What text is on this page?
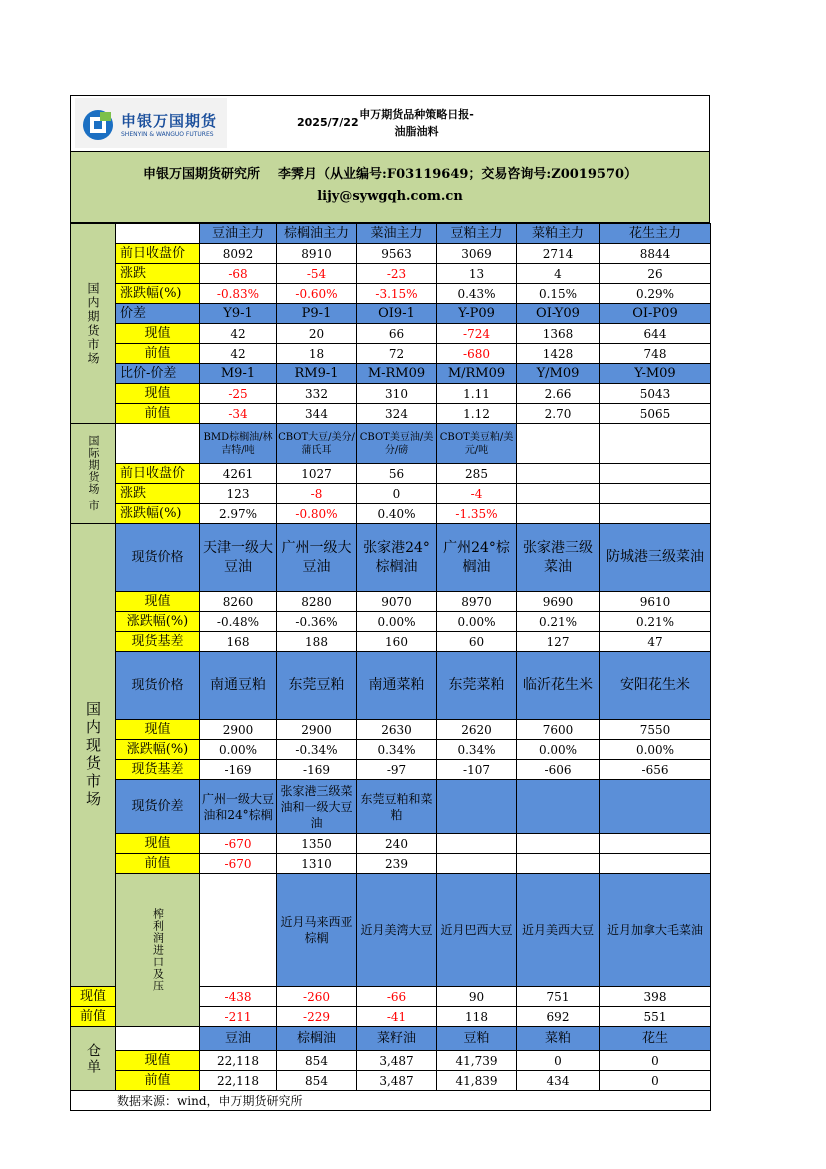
申银万国期货
SHENYIN & WANGUO FUTURES
2025/7/22
申万期货品种策略日报-
油脂油料
申银万国期货研究所    李霁月（从业编号:F03119649；交易咨询号:Z0019570）
lijy@sywgqh.com.cn
国内期货市场		豆油主力	棕榈油主力	菜油主力	豆粕主力	菜粕主力	花生主力	
	前日收盘价	8092	8910	9563	3069	2714	8844	
	涨跌	-68	-54	-23	13	4	26	
	涨跌幅(%)	-0.83%	-0.60%	-3.15%	0.43%	0.15%	0.29%	
	价差	Y9-1	P9-1	OI9-1	Y-P09	OI-Y09	OI-P09	
	现值	42	20	66	-724	1368	644	
	前值	42	18	72	-680	1428	748	
	比价-价差	M9-1	RM9-1	M-RM09	M/RM09	Y/M09	Y-M09	
	现值	-25	332	310	1.11	2.66	5043	
	前值	-34	344	324	1.12	2.70	5065	
国际期货场 市		BMD棕榈油/林吉特/吨	CBOT大豆/美分/蒲氏耳	CBOT美豆油/美分/磅	CBOT美豆粕/美元/吨			
	前日收盘价	4261	1027	56	285			
	涨跌	123	-8	0	-4			
	涨跌幅(%)	2.97%	-0.80%	0.40%	-1.35%			
国内现货市场	现货价格	天津一级大豆油	广州一级大豆油	张家港24°棕榈油	广州24°棕榈油	张家港三级菜油	防城港三级菜油	
	现值	8260	8280	9070	8970	9690	9610	
	涨跌幅(%)	-0.48%	-0.36%	0.00%	0.00%	0.21%	0.21%	
	现货基差	168	188	160	60	127	47	
	现货价格	南通豆粕	东莞豆粕	南通菜粕	东莞菜粕	临沂花生米	安阳花生米	
	现值	2900	2900	2630	2620	7600	7550	
	涨跌幅(%)	0.00%	-0.34%	0.34%	0.34%	0.00%	0.00%	
	现货基差	-169	-169	-97	-107	-606	-656	
	现货价差	广州一级大豆油和24°棕榈	张家港三级菜油和一级大豆油	东莞豆粕和菜粕				
	现值	-670	1350	240				
	前值	-670	1310	239				
	榨利润进口及压		近月马来西亚棕榈	近月美湾大豆	近月巴西大豆	近月美西大豆	近月加拿大毛菜油	
现值		-438	-260	-66	90	751	398	
前值		-211	-229	-41	118	692	551	
仓单		豆油	棕榈油	菜籽油	豆粕	菜粕	花生	
	现值	22,118	854	3,487	41,739	0	0	
	前值	22,118	854	3,487	41,839	434	0	
数据来源：wind，申万期货研究所								
